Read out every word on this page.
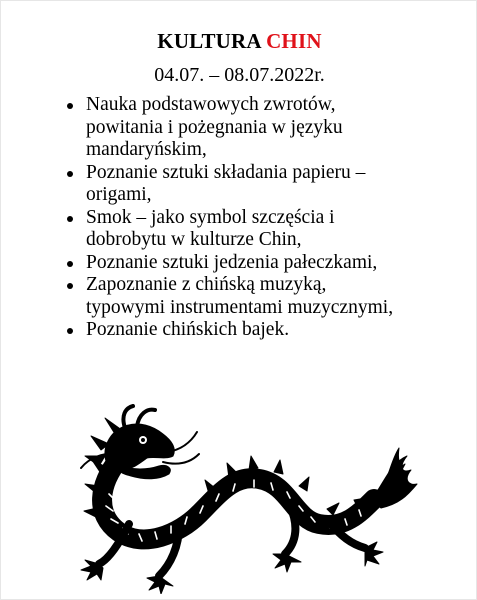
KULTURA CHIN
04.07. – 08.07.2022r.
Nauka podstawowych zwrotów,
powitania i pożegnania w języku
mandaryńskim,
Poznanie sztuki składania papieru –
origami,
Smok – jako symbol szczęścia i
dobrobytu w kulturze Chin,
Poznanie sztuki jedzenia pałeczkami,
Zapoznanie z chińską muzyką,
typowymi instrumentami muzycznymi,
Poznanie chińskich bajek.
